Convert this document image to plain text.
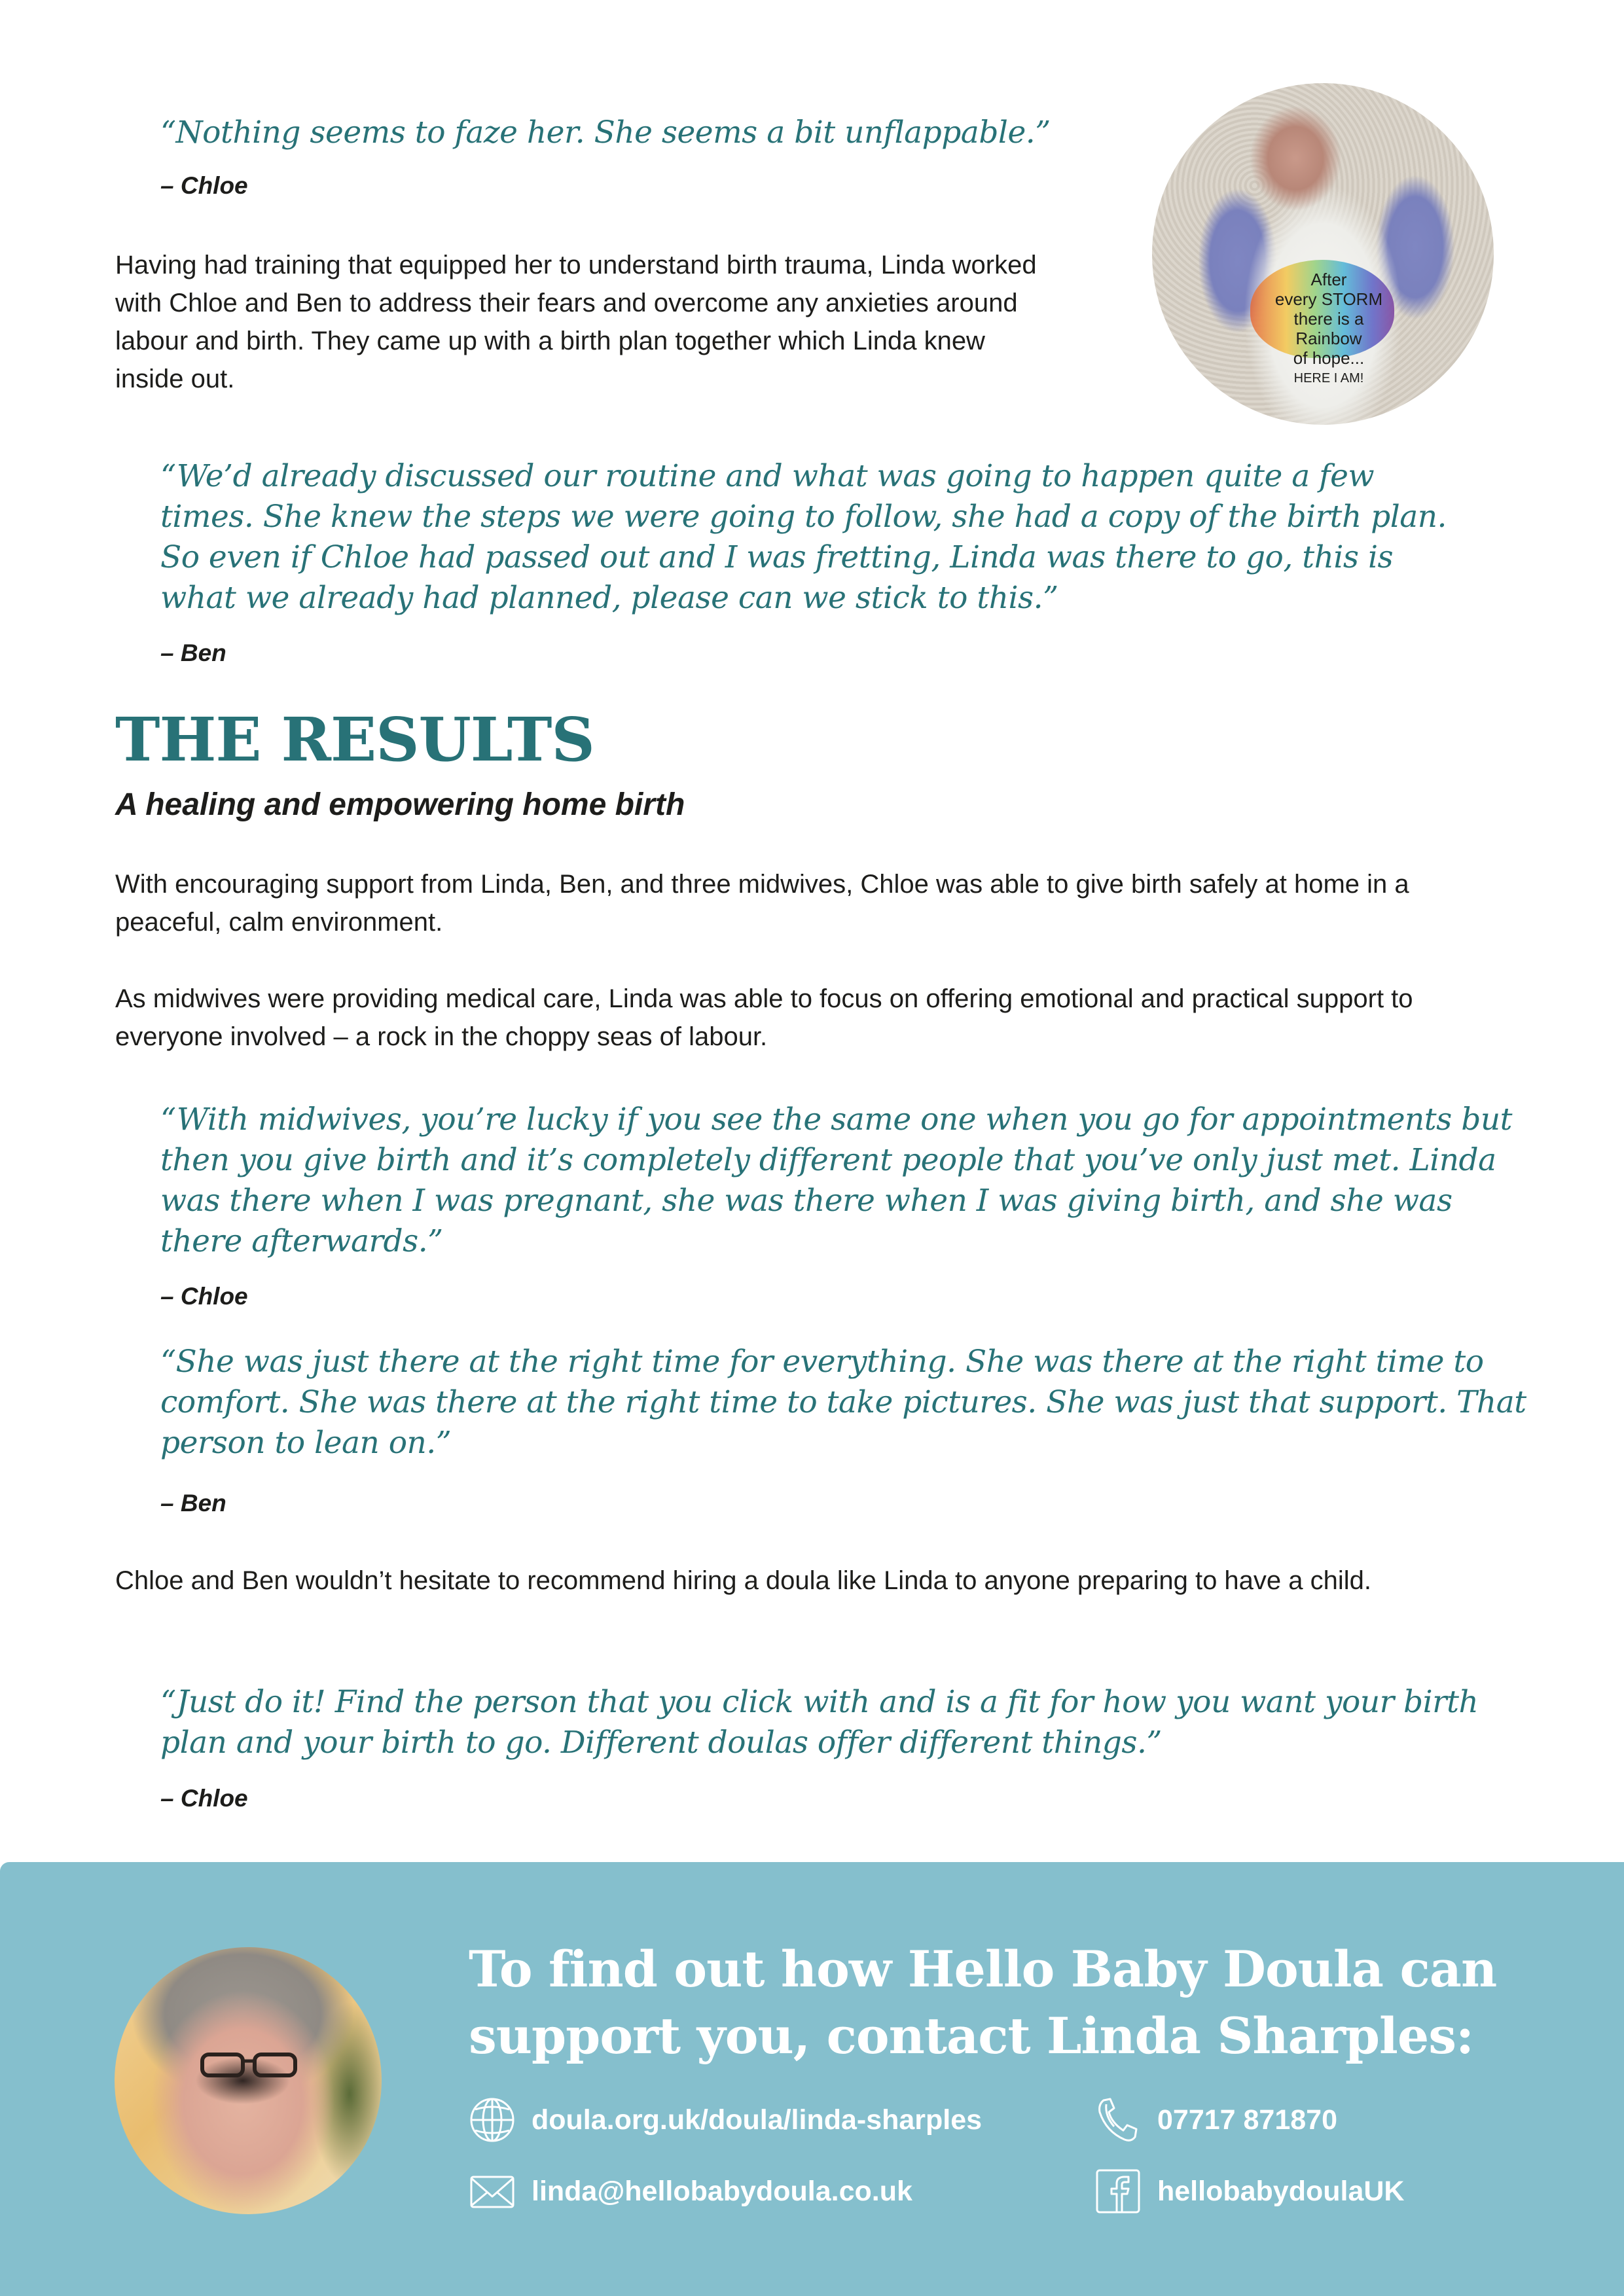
“Nothing seems to faze her. She seems a bit unflappable.”

– Chloe

Having had training that equipped her to understand birth trauma, Linda worked with Chloe and Ben to address their fears and overcome any anxieties around labour and birth. They came up with a birth plan together which Linda knew inside out.

After
every STORM
there is a
Rainbow
of hope...
HERE I AM!

“We’d already discussed our routine and what was going to happen quite a few times. She knew the steps we were going to follow, she had a copy of the birth plan. So even if Chloe had passed out and I was fretting, Linda was there to go, this is what we already had planned, please can we stick to this.”

– Ben

THE RESULTS
A healing and empowering home birth

With encouraging support from Linda, Ben, and three midwives, Chloe was able to give birth safely at home in a peaceful, calm environment.

As midwives were providing medical care, Linda was able to focus on offering emotional and practical support to everyone involved – a rock in the choppy seas of labour.

“With midwives, you’re lucky if you see the same one when you go for appointments but then you give birth and it’s completely different people that you’ve only just met. Linda was there when I was pregnant, she was there when I was giving birth, and she was there afterwards.”

– Chloe

“She was just there at the right time for everything. She was there at the right time to comfort. She was there at the right time to take pictures. She was just that support. That person to lean on.”

– Ben

Chloe and Ben wouldn’t hesitate to recommend hiring a doula like Linda to anyone preparing to have a child.

“Just do it! Find the person that you click with and is a fit for how you want your birth plan and your birth to go. Different doulas offer different things.”

– Chloe

To find out how Hello Baby Doula can support you, contact Linda Sharples:
doula.org.uk/doula/linda-sharples	07717 871870
linda@hellobabydoula.co.uk	hellobabydoulaUK
